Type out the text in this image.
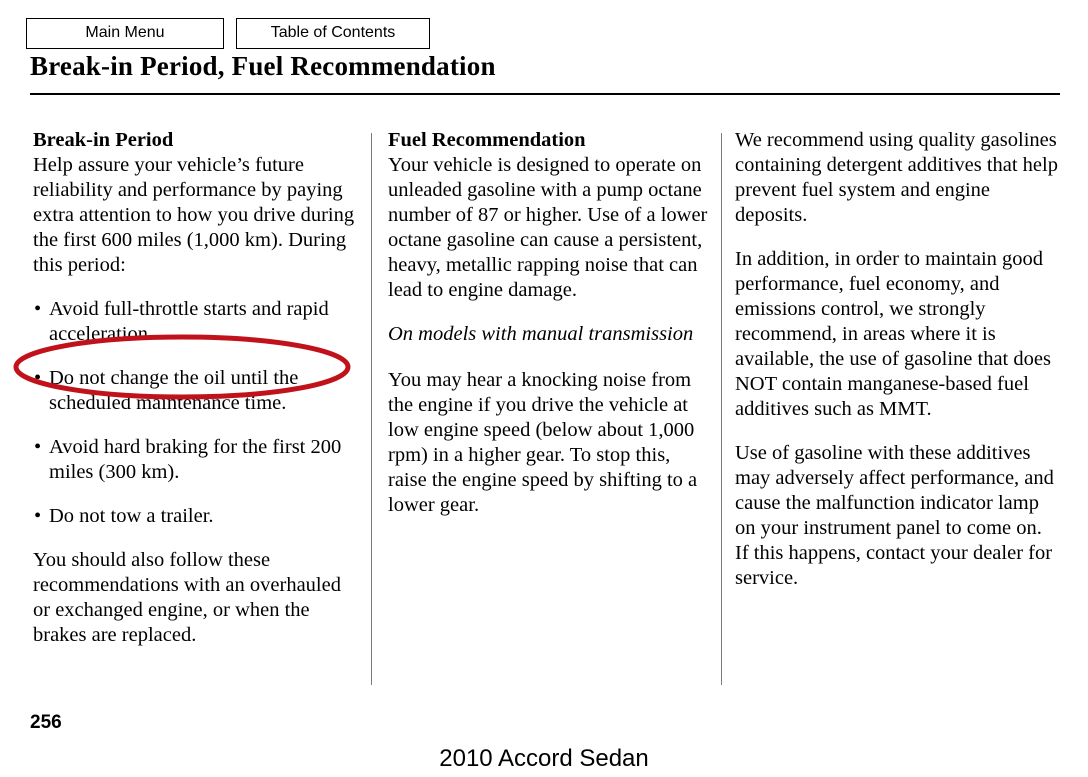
Main Menu	Table of Contents
Break-in Period, Fuel Recommendation
Break-in Period

Help assure your vehicle’s future reliability and performance by paying extra attention to how you drive during the first 600 miles (1,000 km). During this period:

• Avoid full-throttle starts and rapid acceleration.
• Do not change the oil until the scheduled maintenance time.
• Avoid hard braking for the first 200 miles (300 km).
• Do not tow a trailer.

You should also follow these recommendations with an overhauled or exchanged engine, or when the brakes are replaced.

Fuel Recommendation

Your vehicle is designed to operate on unleaded gasoline with a pump octane number of 87 or higher. Use of a lower octane gasoline can cause a persistent, heavy, metallic rapping noise that can lead to engine damage.

On models with manual transmission

You may hear a knocking noise from the engine if you drive the vehicle at low engine speed (below about 1,000 rpm) in a higher gear. To stop this, raise the engine speed by shifting to a lower gear.

We recommend using quality gasolines containing detergent additives that help prevent fuel system and engine deposits.

In addition, in order to maintain good performance, fuel economy, and emissions control, we strongly recommend, in areas where it is available, the use of gasoline that does NOT contain manganese-based fuel additives such as MMT.

Use of gasoline with these additives may adversely affect performance, and cause the malfunction indicator lamp on your instrument panel to come on. If this happens, contact your dealer for service.

256
2010 Accord Sedan
